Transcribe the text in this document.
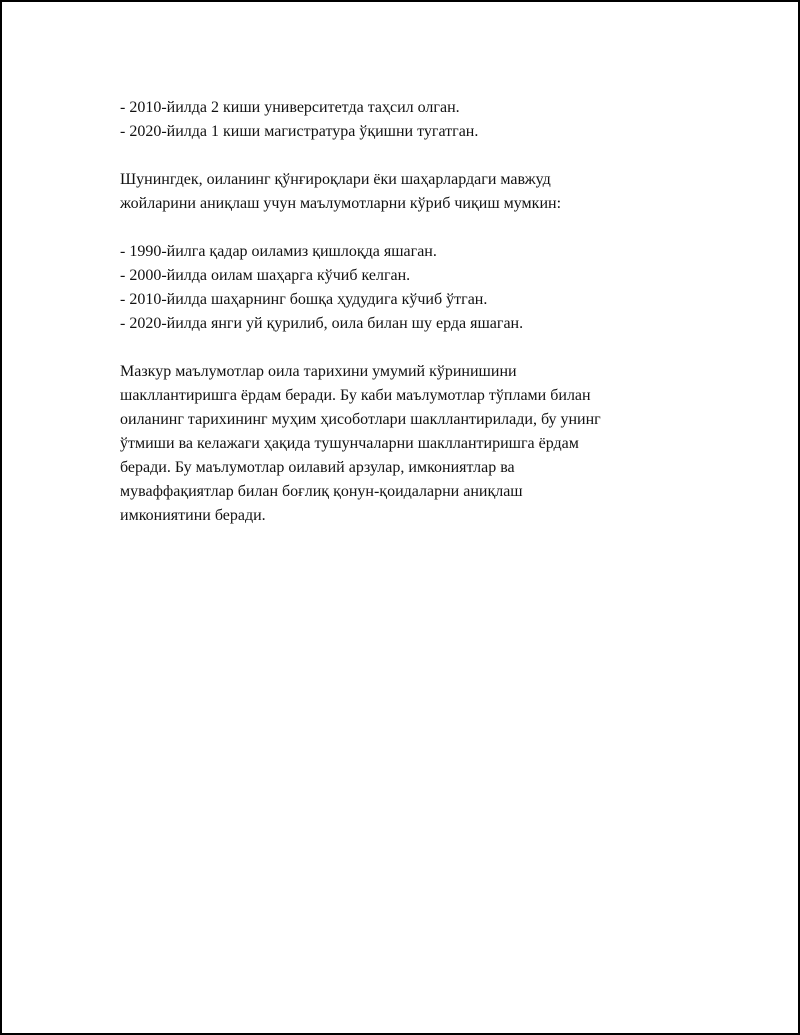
- 2010-йилда 2 киши университетда таҳсил олган.

- 2020-йилда 1 киши магистратура ўқишни тугатган.

Шунингдек, оиланинг қўнғироқлари ёки шаҳарлардаги мавжуд

жойларини аниқлаш учун маълумотларни кўриб чиқиш мумкин:

- 1990-йилга қадар оиламиз қишлоқда яшаган.

- 2000-йилда оилам шаҳарга кўчиб келган.

- 2010-йилда шаҳарнинг бошқа ҳудудига кўчиб ўтган.

- 2020-йилда янги уй қурилиб, оила билан шу ерда яшаган.

Мазкур маълумотлар оила тарихини умумий кўринишини

шакллантиришга ёрдам беради. Бу каби маълумотлар тўплами билан

оиланинг тарихининг муҳим ҳисоботлари шакллантирилади, бу унинг

ўтмиши ва келажаги ҳақида тушунчаларни шакллантиришга ёрдам

беради. Бу маълумотлар оилавий арзулар, имкониятлар ва

муваффақиятлар билан боғлиқ қонун-қоидаларни аниқлаш

имкониятини беради.
